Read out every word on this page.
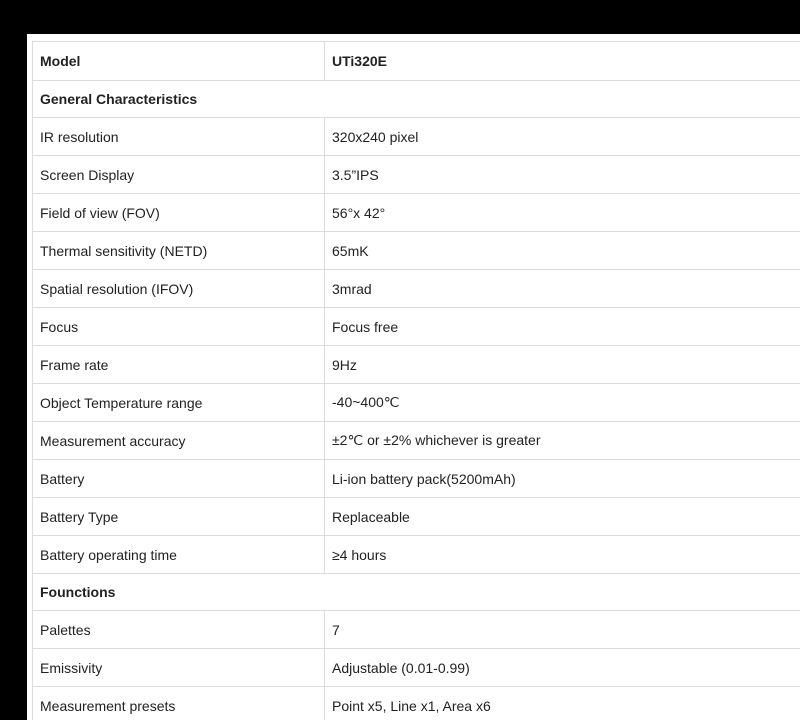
Model	UTi320E
General Characteristics	
IR resolution	320x240 pixel
Screen Display	3.5”IPS
Field of view (FOV)	56°x 42°
Thermal sensitivity (NETD)	65mK
Spatial resolution (IFOV)	3mrad
Focus	Focus free
Frame rate	9Hz
Object Temperature range	-40~400℃
Measurement accuracy	±2℃ or ±2% whichever is greater
Battery	Li-ion battery pack(5200mAh)
Battery Type	Replaceable
Battery operating time	≥4 hours
Founctions	
Palettes	7
Emissivity	Adjustable (0.01-0.99)
Measurement presets	Point x5, Line x1, Area x6
